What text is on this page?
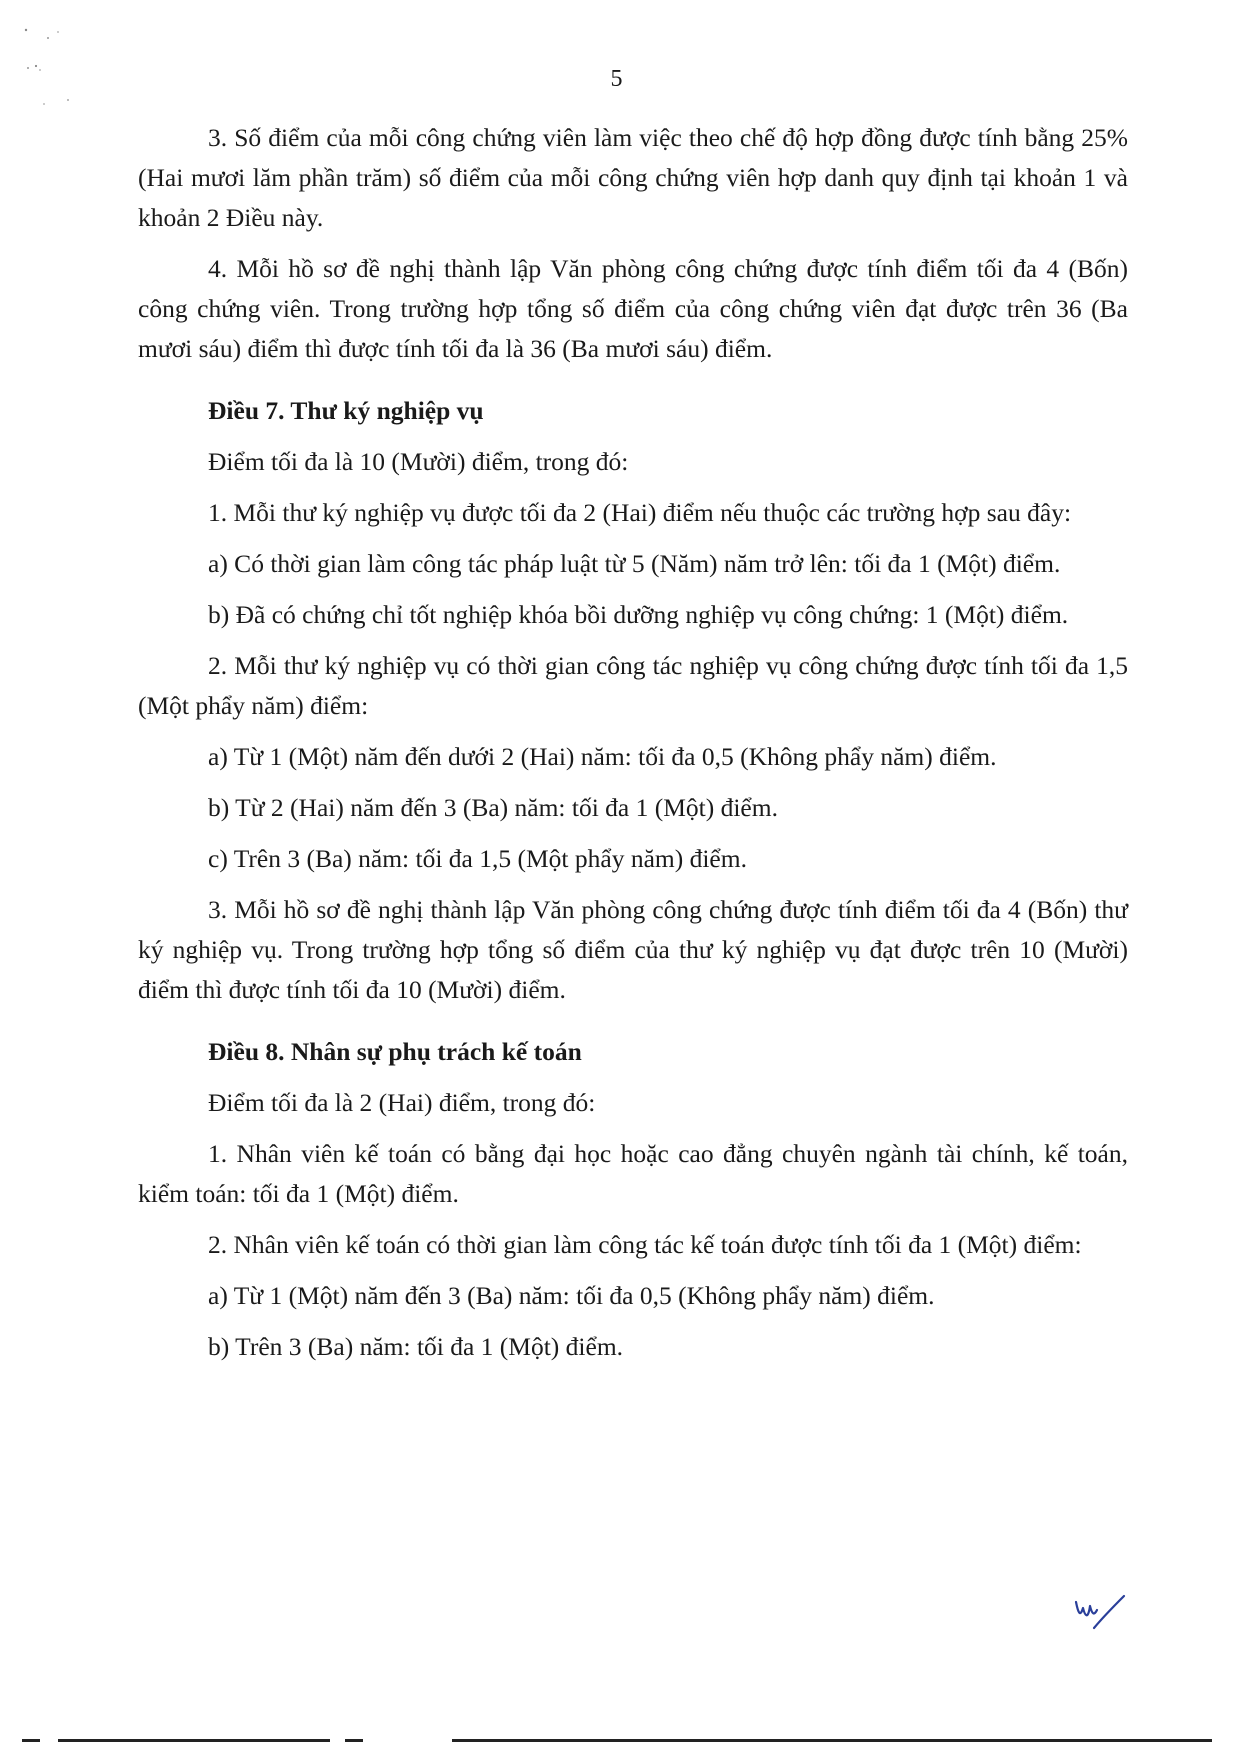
5

3. Số điểm của mỗi công chứng viên làm việc theo chế độ hợp đồng được tính bằng 25% (Hai mươi lăm phần trăm) số điểm của mỗi công chứng viên hợp danh quy định tại khoản 1 và khoản 2 Điều này.

4. Mỗi hồ sơ đề nghị thành lập Văn phòng công chứng được tính điểm tối đa 4 (Bốn) công chứng viên. Trong trường hợp tổng số điểm của công chứng viên đạt được trên 36 (Ba mươi sáu) điểm thì được tính tối đa là 36 (Ba mươi sáu) điểm.

Điều 7. Thư ký nghiệp vụ

Điểm tối đa là 10 (Mười) điểm, trong đó:

1. Mỗi thư ký nghiệp vụ được tối đa 2 (Hai) điểm nếu thuộc các trường hợp sau đây:

a) Có thời gian làm công tác pháp luật từ 5 (Năm) năm trở lên: tối đa 1 (Một) điểm.

b) Đã có chứng chỉ tốt nghiệp khóa bồi dưỡng nghiệp vụ công chứng: 1 (Một) điểm.

2. Mỗi thư ký nghiệp vụ có thời gian công tác nghiệp vụ công chứng được tính tối đa 1,5 (Một phẩy năm) điểm:

a) Từ 1 (Một) năm đến dưới 2 (Hai) năm: tối đa 0,5 (Không phẩy năm) điểm.

b) Từ 2 (Hai) năm đến 3 (Ba) năm: tối đa 1 (Một) điểm.

c) Trên 3 (Ba) năm: tối đa 1,5 (Một phẩy năm) điểm.

3. Mỗi hồ sơ đề nghị thành lập Văn phòng công chứng được tính điểm tối đa 4 (Bốn) thư ký nghiệp vụ. Trong trường hợp tổng số điểm của thư ký nghiệp vụ đạt được trên 10 (Mười) điểm thì được tính tối đa 10 (Mười) điểm.

Điều 8. Nhân sự phụ trách kế toán

Điểm tối đa là 2 (Hai) điểm, trong đó:

1. Nhân viên kế toán có bằng đại học hoặc cao đẳng chuyên ngành tài chính, kế toán, kiểm toán: tối đa 1 (Một) điểm.

2. Nhân viên kế toán có thời gian làm công tác kế toán được tính tối đa 1 (Một) điểm:

a) Từ 1 (Một) năm đến 3 (Ba) năm: tối đa 0,5 (Không phẩy năm) điểm.

b) Trên 3 (Ba) năm: tối đa 1 (Một) điểm.
